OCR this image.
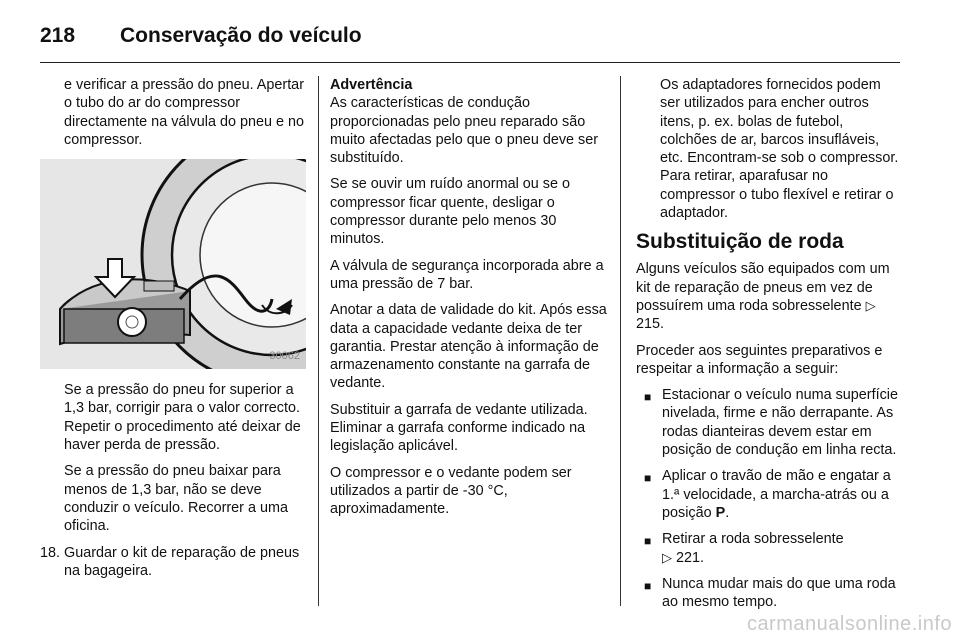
218	Conservação do veículo

e verificar a pressão do pneu. Apertar o tubo do ar do compressor directamente na válvula do pneu e no compressor.

30062

Se a pressão do pneu for superior a 1,3 bar, corrigir para o valor correcto. Repetir o procedimento até deixar de haver perda de pressão.

Se a pressão do pneu baixar para menos de 1,3 bar, não se deve conduzir o veículo. Recorrer a uma oficina.

18. Guardar o kit de reparação de pneus na bagageira.
Advertência

As características de condução proporcionadas pelo pneu reparado são muito afectadas pelo que o pneu deve ser substituído.

Se se ouvir um ruído anormal ou se o compressor ficar quente, desligar o compressor durante pelo menos 30 minutos.

A válvula de segurança incorporada abre a uma pressão de 7 bar.

Anotar a data de validade do kit. Após essa data a capacidade vedante deixa de ter garantia. Prestar atenção à informação de armazenamento constante na garrafa de vedante.

Substituir a garrafa de vedante utilizada. Eliminar a garrafa conforme indicado na legislação aplicável.

O compressor e o vedante podem ser utilizados a partir de -30 °C, aproximadamente.

Os adaptadores fornecidos podem ser utilizados para encher outros itens, p. ex. bolas de futebol, colchões de ar, barcos insufláveis, etc. Encontram-se sob o compressor. Para retirar, aparafusar no compressor o tubo flexível e retirar o adaptador.

Substituição de roda

Alguns veículos são equipados com um kit de reparação de pneus em vez de possuírem uma roda sobresselente ▷ 215.

Proceder aos seguintes preparativos e respeitar a informação a seguir:

■ Estacionar o veículo numa superfície nivelada, firme e não derrapante. As rodas dianteiras devem estar em posição de condução em linha recta.
■ Aplicar o travão de mão e engatar a 1.ª velocidade, a marcha-atrás ou a posição P.
■ Retirar a roda sobresselente
▷ 221.
■ Nunca mudar mais do que uma roda ao mesmo tempo.
carmanualsonline.info
